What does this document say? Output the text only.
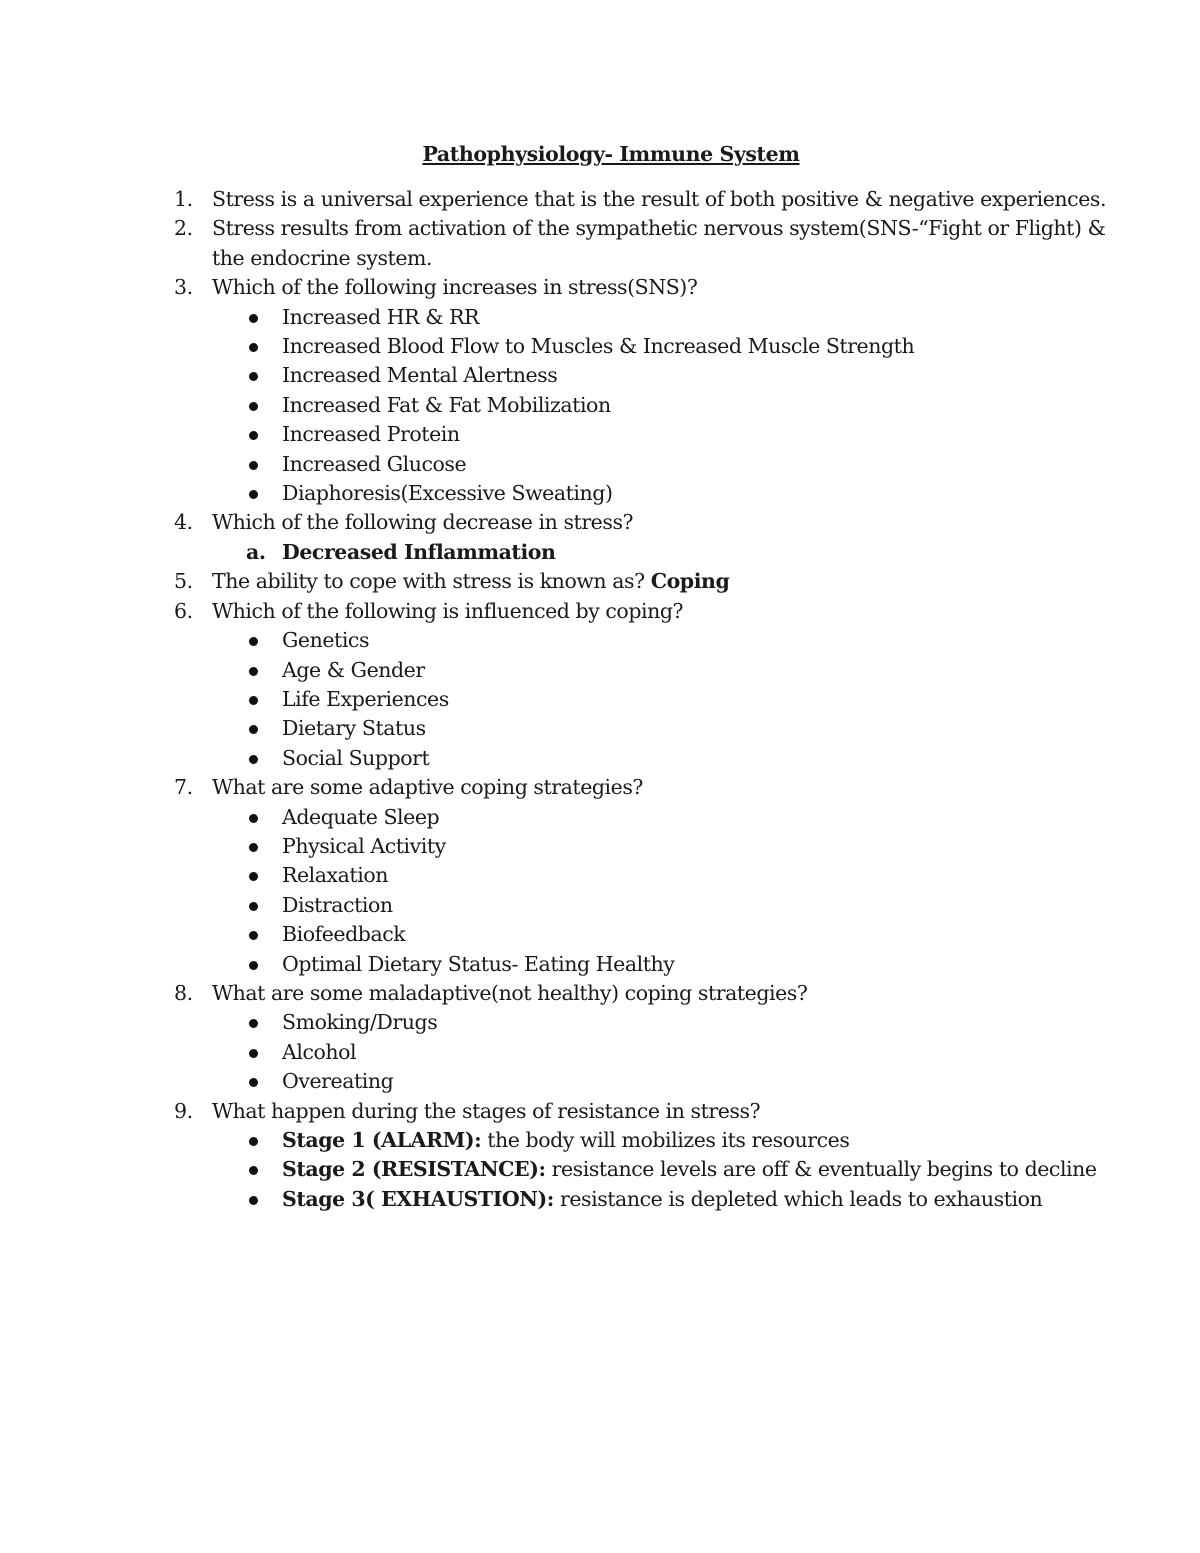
Pathophysiology- Immune System
1. Stress is a universal experience that is the result of both positive & negative experiences.
2. Stress results from activation of the sympathetic nervous system(SNS-“Fight or Flight) &
the endocrine system.
3. Which of the following increases in stress(SNS)?
Increased HR & RR
Increased Blood Flow to Muscles & Increased Muscle Strength
Increased Mental Alertness
Increased Fat & Fat Mobilization
Increased Protein
Increased Glucose
Diaphoresis(Excessive Sweating)
4. Which of the following decrease in stress?
a. Decreased Inflammation
5. The ability to cope with stress is known as? Coping
6. Which of the following is influenced by coping?
Genetics
Age & Gender
Life Experiences
Dietary Status
Social Support
7. What are some adaptive coping strategies?
Adequate Sleep
Physical Activity
Relaxation
Distraction
Biofeedback
Optimal Dietary Status- Eating Healthy
8. What are some maladaptive(not healthy) coping strategies?
Smoking/Drugs
Alcohol
Overeating
9. What happen during the stages of resistance in stress?
Stage 1 (ALARM): the body will mobilizes its resources
Stage 2 (RESISTANCE): resistance levels are off & eventually begins to decline
Stage 3( EXHAUSTION): resistance is depleted which leads to exhaustion
